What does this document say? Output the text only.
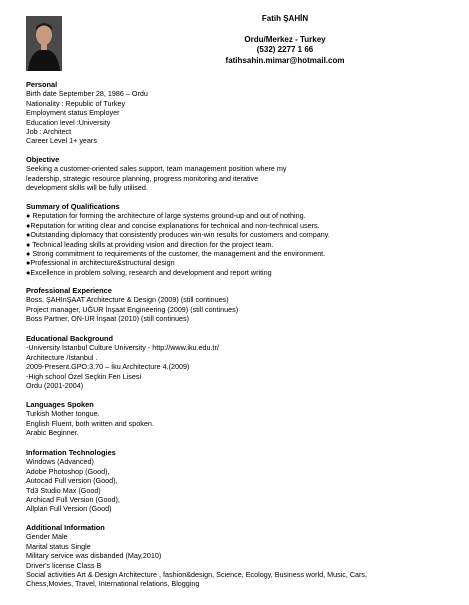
Fatih ŞAHİN
Ordu/Merkez - Turkey
(532) 2277 1 66
fatihsahin.mimar@hotmail.com
Personal
Birth date September 28, 1986 – Ordu
Nationality : Republic of Turkey
Employment status Employer
Education level :University
Job : Architect
Career Level 1+ years
Objective
Seeking a customer-oriented sales support, team management position where my
leadership, strategic resource planning, progress monitoring and iterative
development skills will be fully utilised.
Summary of Qualifications
● Reputation for forming the architecture of large systems ground-up and out of nothing.
●Reputation for writing clear and concise explanations for technical and non-technical users.
●Outstanding diplomacy that consistently produces win-win results for customers and company.
● Technical leading skills at providing vision and direction for the project team.
● Strong commitment to requirements of the customer, the management and the environment.
●Professional in architecture&structural design
●Excellence in problem solving, research and development and report writing
Professional Experience
Boss, ŞAHInŞAAT Architecture & Design (2009) (still continues)
Project manager, UĞUR İnşaat Engineering (2009) (still continues)
Boss Partner, ON-UR İnşaat (2010) (still continues)
Educational Background
-University İstanbul Culture University - http://www.iku.edu.tr/
Architecture /İstanbul .
2009-Present.GPO:3.70 – İku Architecture 4.(2009)
-High school Özel Seçkin Fen Lisesi
Ordu (2001-2004)
Languages Spoken
Turkish Mother tongue.
English Fluent, both written and spoken.
Arabic Beginner.
Information Technologies
Windows (Advanced)
Adobe Photoshop (Good),
Autocad Full version (Good),
Td3 Studio Max (Good)
Archicad Full Version (Good),
Allplan Full Version (Good)
Additional Information
Gender Male
Marital status Single
Military service was disbanded (May,2010)
Driver's license Class B
Social activities Art & Design Architecture , fashion&design, Science, Ecology, Business world, Music, Cars,
Chess,Movies, Travel, International relations, Blogging
